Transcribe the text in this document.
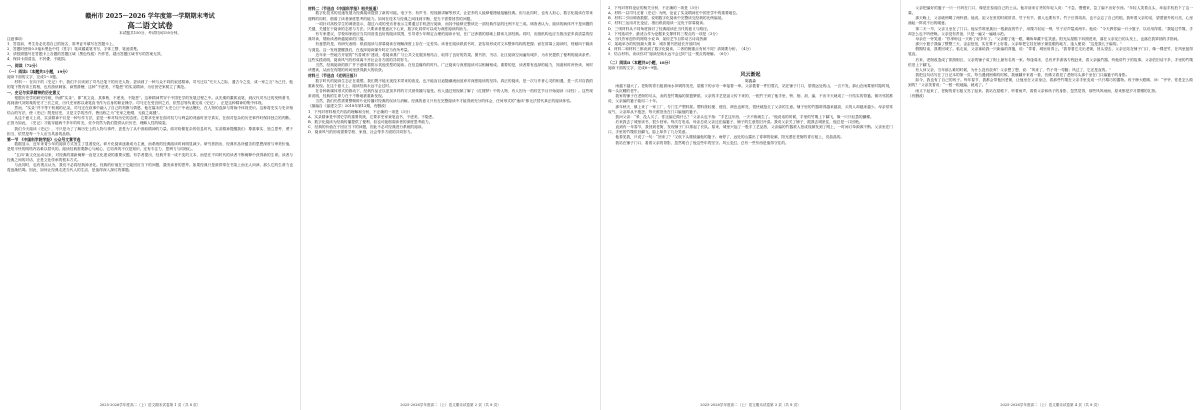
赣州市 2025～2026 学年度第一学期期末考试
高二语文试卷
本试题共150分，考试时间150分钟。
注意事项：
1．答卷前，考生务必先将自己的姓名、准考证号填写在答题卡上。
2．答题时使用0.5毫米黑色中性（签字）笔或碳素笔书写，字体工整、笔迹清楚。
3．请按照题号在答题卡上各题的答题区域（黑色线框）内作答，超出答题区域书写的答案无效。
4．保持卡面清洁，不折叠，不破损。
一、阅读（72分）
（一）阅读Ⅰ（本题共5小题，19分）
阅读下面的文字，完成1～5题。
材料一：在向下的《史记》中，我们不仅读到了司马迁笔下的历史人物，更读到了一种与众不同的叙述精神。司马迁以“究天人之际，通古今之变，成一家之言”为己任，他的笔下既有帝王将相，也有游侠刺客、商贾滑稽，这种“不虚美、不隐恶”的实录精神，为后世史家树立了典范。
一、史记与实录精神的历史意义
根据历史学的研究传统，所谓“实录”，即“其文直，其事核，不虚美，不隐恶”。这种精神贯穿于中国史学的发展过程之中。从先秦的董狐直笔，到汉代司马迁的发愤著书，再到唐代刘知幾的史才三长之说，历代史家都以秉笔直书作为自身的职业操守。司马迁在受宫刑之后，依然忍辱负重完成《史记》，正是这种精神的集中体现。
然而，“实录”并不等于机械的记录。司马迁在叙事中融入了自己的判断与情感，他在篇末的“太史公曰”中表达褒贬，在人物的选择与剪裁中体现史识。这种将史实与史识相结合的写法，使《史记》既是信史，又是文学的杰作，鲁迅称之为“史家之绝唱，无韵之离骚”。
从这个意义上说，实录精神不仅是一种写作方法，更是一种对待历史的态度。它要求史家在面对权力与利益的诱惑时坚守真实，在面对复杂的历史事件时保持独立的判断。正因为如此，《史记》才能穿越两千多年的时光，至今仍然为我们提供认识历史、理解人性的镜鉴。
我们今天阅读《史记》，不只是为了了解历史上的人物与事件，更是为了从中汲取精神的力量。面对纷繁复杂的信息时代，实录精神提醒我们：尊重事实、独立思考、勇于担当，依然是每一个人应当具备的品格。
第一节 《中国科学院学报》公众号文章节选
数据显示，近年来青少年的阅读方式发生了显著变化。碎片化阅读逐渐成为主流，而系统的经典阅读时间明显减少。研究者指出，经典作品所蕴含的思想深度与审美价值，是短平快的网络内容难以替代的。阅读经典需要静心与耐心，它培养的不仅是知识，还有专注力、思辨力与同理心。
“五四”新文化运动以来，对经典的重新阐释一直是文化建设的重要议题。有学者提出，经典并非一成不变的文本，而是在不同时代的读者不断阐释中获得新的生命。读者与经典之间的对话，正是文化传承的根本方式。
与此同时，也有观点认为，我们不必将经典神圣化。经典的价值在于它能回应当下的问题，激发读者的思考。如果经典只是被供奉在书架上而无人问津，那么它的生命力也将逐渐枯竭。因此，如何让经典走进当代人的生活，是值得深入探讨的课题。
2025-2026学年度高二（上）语文期末试卷第 1 页（共 8 页）
材料二（节选自《中国科学报》相关报道）
数字化技术的迅速发展为经典阅读提供了新的可能。电子书、有声书、短视频讲解等形式，让更多的人能够便捷地接触经典。但与此同时，也有人担心，数字化阅读在带来便利的同时，削弱了读者深度思考的能力。如何在技术与经典之间找到平衡，是当下需要回答的问题。
一项针对高校学生的调查显示，超过六成的受访者表示主要通过手机进行阅读，而其中能够完整读完一部经典作品的比例不足三成。调查者认为，阅读的载体并不是问题的关键，关键在于阅读的态度与方法。只要读者愿意沉下心来，数字化同样可以成为深度阅读的助力。
有专家建议，学校和家庭应当共同营造良好的阅读氛围，引导青少年制定合理的阅读计划，在广泛涉猎的基础上精读几部经典。同时，出版机构也应当推出更多高质量的经典导读，帮助读者跨越阅读的门槛。
有意思的是，有研究表明：纸质阅读与屏幕阅读在理解深度上存在一定差异。读者在阅读纸质书时，更容易形成对文本整体结构的把握；而在屏幕上阅读时，则倾向于跳读与浏览。这一发现提醒我们，在选择阅读媒介时应当有所考量。
近年来一些地方开展的“书香城市”建设，将阅读推广与公共文化服务相结合，取得了良好的效果。图书馆、书店、社区阅读空间遍布城乡，为市民提供了便利的阅读条件。这些实践说明，阅读风气的形成离不开社会各方面的共同努力。
当然，经典阅读的推广并不意味着排斥其他类型的阅读。在信息爆炸的时代，广泛阅读与深度阅读可以相辅相成。重要的是，读者要有选择的能力，知道何时该快读，何时该慢读，从而在有限的时间里获得最大的收获。
材料三（节选自《光明日报》）
数字时代的阅读生态正在重塑。我们既不能无视技术带来的改变，也不能盲目追随潮流而放弃对深度阅读的坚持。真正的阅读，是一次与作者心灵的相遇，是一次对自我的重新发现。在这个意义上，阅读经典永远不会过时。
在各种新媒体形式的推动下，经典作品正以更加多样的方式被传播与接受。有人通过短视频了解了《红楼梦》中的人物，有人因为一档综艺节目开始阅读《诗经》。这些现象说明，经典的生命力在于不断地被重新发现。
当然，我们仍然需要警惕碎片化传播对经典的误读与消解。经典的意义只有在完整阅读中才能得到充分的体会，任何形式的“速读”都无法替代真正的阅读体验。
（摘编自《福建文学》2018年第12期，有删改）
1．下列对材料相关内容的理解和分析，不正确的一项是（3分）
A．实录精神是中国史学的重要传统，它要求史家秉笔直书，不虚美、不隐恶。
B．数字化阅读为经典传播提供了便利，但也可能削弱读者的深度思考能力。
C．经典的价值在于回应当下的问题，因此不必对经典进行系统的阅读。
D．阅读风气的形成需要学校、家庭、社会等多方面的共同努力。
2025-2026学年度高二（上）语文期末试卷第 2 页（共 8 页）
2．下列对材料论证的相关分析，不正确的一项是（3分）
A．材料一以司马迁著《史记》为例，论证了实录精神在中国史学中的重要地位。
B．材料二引用调查数据，说明数字化阅读中完整读完经典的比例偏低。
C．材料三运用对比论证，指出纸质阅读一定优于屏幕阅读。
D．三则材料从不同角度探讨了经典阅读在当代的意义与路径。
3．下列选项中，最适合作为论据来支撑材料三观点的一项是（3分）
A．当代作家创作的网络小说 B．某综艺节目带动古诗词热潮
C．某地举办的短视频大赛 D．城市图书馆延长开放时间
4．材料二和材料三都谈到了数字化阅读，二者的侧重点有何不同？请简要分析。（4分）
5．结合材料，谈谈你对“阅读经典永远不会过时”这一观点的理解。（6分）
（二）阅读Ⅱ（本题共4小题，18分）
阅读下面的文字，完成6～9题。
风云渐起
陈鑫森
雨越下越大了。老街的青石板被雨水冲刷得发亮，屋檐下的水帘一串接着一串。父亲披着一件旧蓑衣，站在铺子门口，望着远处的山，一言不发。那山在雨雾里时隐时现，像一头沉睡的老牛。
我家的铺子在老街的尽头，卖的是竹篾编的筐篮箩筐。父亲的手艺是祖父传下来的，一根竹子到了他手里，劈、削、刮、编，不出半天就成了一只结实的背篓。街坊邻居都说，父亲编的篓子能用二十年。
那年秋天，镇上来了一家工厂，专门生产塑料筐。塑料筐轻便、便宜，颜色也鲜亮，很快就抢走了父亲的生意。铺子里的竹器堆得越来越高，买的人却越来越少。母亲常常叹气，父亲却从不抱怨，每天照旧坐在门口编他的篓子。
我问父亲：“爹，没人买了，你还编它做什么？”父亲头也不抬：“手艺这东西，一天不练就生了。”他说话的时候，手里的竹篾上下翻飞，像一只只轻盈的蝴蝶。
后来我去了城里读书，很少回家。每次打电话，母亲总说父亲还在编篓子，铺子的生意依旧冷清。我劝父亲关了铺子，跟我去城里住，他总是一口回绝。
直到有一年春节，我回到老街，发现铺子门口排起了长队。原来，城里兴起了一股手工艺品热，父亲编的竹器被人拍成视频发到了网上，一时间订单源源不断。父亲坐在门口，手里的竹篾依旧翻飞，脸上却多了几分笑意。
他看见我，只说了一句：“回来了？”又低下头继续编他的篓子。雨停了，远处的山露出了青翠的轮廓，阳光洒在老街的青石板上，亮晶晶的。
我站在铺子门口，看着父亲的背影，忽然明白了他这些年的坚守。风云变幻，总有一些东西是值得守住的。
2025-2026学年度高二（上）语文期末试卷第 3 页（共 8 页）
父亲把编好的篓子一只一只码在门口，像是在检阅自己的士兵。他对前来订货的年轻人说：“不急，慢慢来，急了编不出好东西。”年轻人笑着点头，举起手机拍下了这一幕。
那天晚上，父亲破例喝了两杯酒。他说，祖父在世的时候常讲，竹子有节，做人也要有节。竹子长得再高，也不会忘了自己的根。我听着父亲的话，望着窗外的月亮，心里涌起一阵说不出的暖意。
第二天一早，父亲又坐在了门口。他从竹堆里挑出一根最直的竹子，用篾刀轻轻一劈，竹子应声裂成两半。他说：“今天教你编一只小篮子，以后用得着。”我接过竹篾，手却怎么也不听使唤。父亲没有责备，只是一遍又一遍地示范。
母亲在一旁笑道：“你爹盼这一天盼了好多年了。”父亲瞪了她一眼，嘴角却藏不住笑意。阳光从屋檐下斜照进来，落在父亲花白的头发上，也落在我笨拙的手指间。
那只小篮子我编了整整三天，歪歪扭扭，实在算不上好看。父亲却把它挂在铺子最显眼的地方，逢人便说：“这是我儿子编的。”
假期结束，我要回城了。临走前，父亲塞给我一只新编的背篓，说：“带着，城里用得上。”我背着它走出老街，回头望去，父亲还站在铺子门口，像一棵老竹，在风里挺得笔直。
后来，老街改造成了旅游街区，父亲的铺子成了街上最有名的一家。每逢周末，总有许多游客专程赶来，看父亲编竹器，听他讲竹子的故事。父亲依旧话不多，手里的竹篾依旧上下翻飞。
有人问父亲，当年那么难的时候，为什么没有放弃？父亲想了想，说：“风来了，竹子弯一弯腰；风过了，它还是直的。”
我把这句话写在了日记本的第一页。每当遇到困难的时候，我就翻开来看一看，仿佛又看见了老街尽头那个坐在门口编篓子的身影。
如今，我也有了自己的孩子。每年春节，我都会带他回老街，让他坐在父亲身边，看那些竹篾在父亲手里变成一只只精巧的器物。孩子睁大眼睛，问：“爷爷，你是怎么做到的？”父亲笑着说：“一根一根地编，就成了。”
雨又下起来了，老街的青石板又亮了起来。我站在屋檐下，听着雨声，看着父亲和孩子的身影，忽然觉得，那些风风雨雨，原来都是岁月馈赠的礼物。
（有删改）
2025-2026学年度高二（上）语文期末试卷第 4 页（共 8 页）
